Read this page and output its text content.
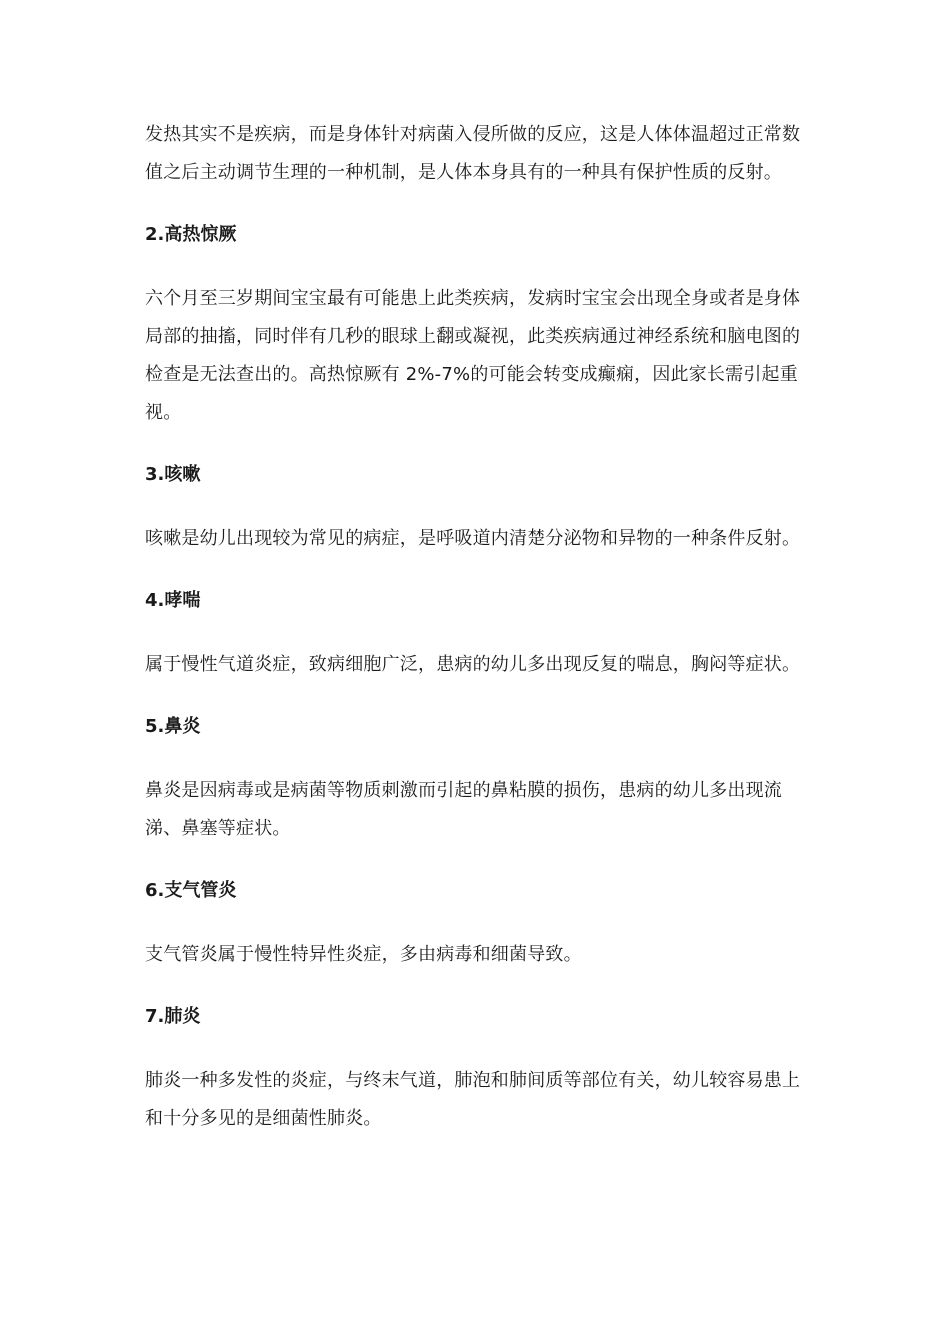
发热其实不是疾病，而是身体针对病菌入侵所做的反应，这是人体体温超过正常数值之后主动调节生理的一种机制，是人体本身具有的一种具有保护性质的反射。

2.高热惊厥

六个月至三岁期间宝宝最有可能患上此类疾病，发病时宝宝会出现全身或者是身体局部的抽搐，同时伴有几秒的眼球上翻或凝视，此类疾病通过神经系统和脑电图的检查是无法查出的。高热惊厥有 2%-7%的可能会转变成癫痫，因此家长需引起重视。

3.咳嗽

咳嗽是幼儿出现较为常见的病症，是呼吸道内清楚分泌物和异物的一种条件反射。

4.哮喘

属于慢性气道炎症，致病细胞广泛，患病的幼儿多出现反复的喘息，胸闷等症状。

5.鼻炎

鼻炎是因病毒或是病菌等物质刺激而引起的鼻粘膜的损伤，患病的幼儿多出现流涕、鼻塞等症状。

6.支气管炎

支气管炎属于慢性特异性炎症，多由病毒和细菌导致。

7.肺炎

肺炎一种多发性的炎症，与终末气道，肺泡和肺间质等部位有关，幼儿较容易患上和十分多见的是细菌性肺炎。
